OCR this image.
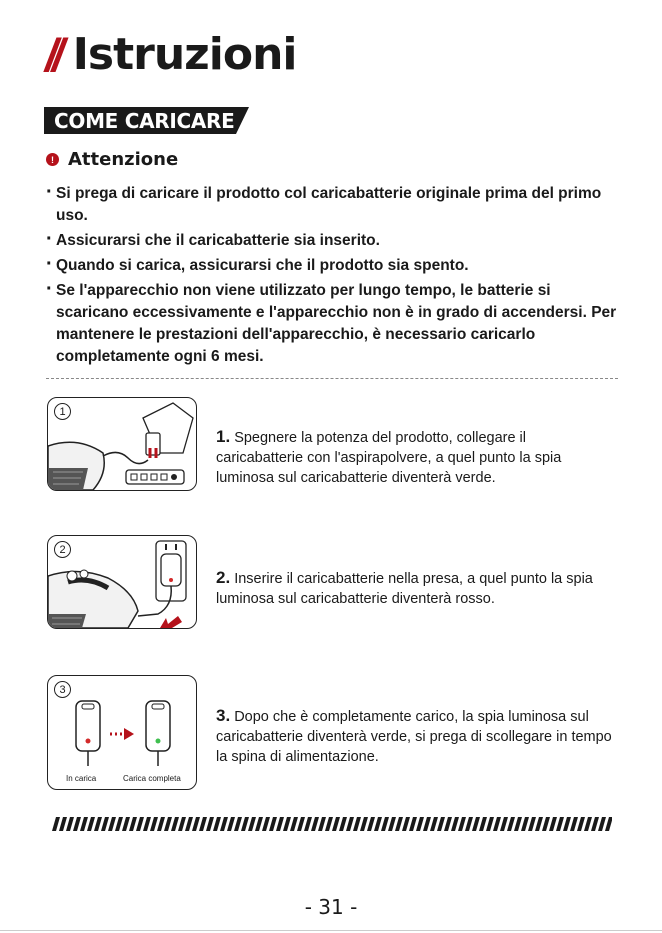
// Istruzioni
COME CARICARE
! Attenzione
· Si prega di caricare il prodotto col caricabatterie originale prima del primo uso.
· Assicurarsi che il caricabatterie sia inserito.
· Quando si carica, assicurarsi che il prodotto sia spento.
· Se l'apparecchio non viene utilizzato per lungo tempo, le batterie si scaricano eccessivamente e l'apparecchio non è in grado di accendersi. Per mantenere le prestazioni dell'apparecchio, è necessario caricarlo completamente ogni 6 mesi.
1
1. Spegnere la potenza del prodotto, collegare il caricabatterie con l'aspirapolvere, a quel punto la spia luminosa sul caricabatterie diventerà verde.
2
2. Inserire il caricabatterie nella presa, a quel punto la spia luminosa sul caricabatterie diventerà rosso.
3
In carica	Carica completa
3. Dopo che è completamente carico, la spia luminosa sul caricabatterie diventerà verde, si prega di scollegare in tempo la spina di alimentazione.
- 31 -
